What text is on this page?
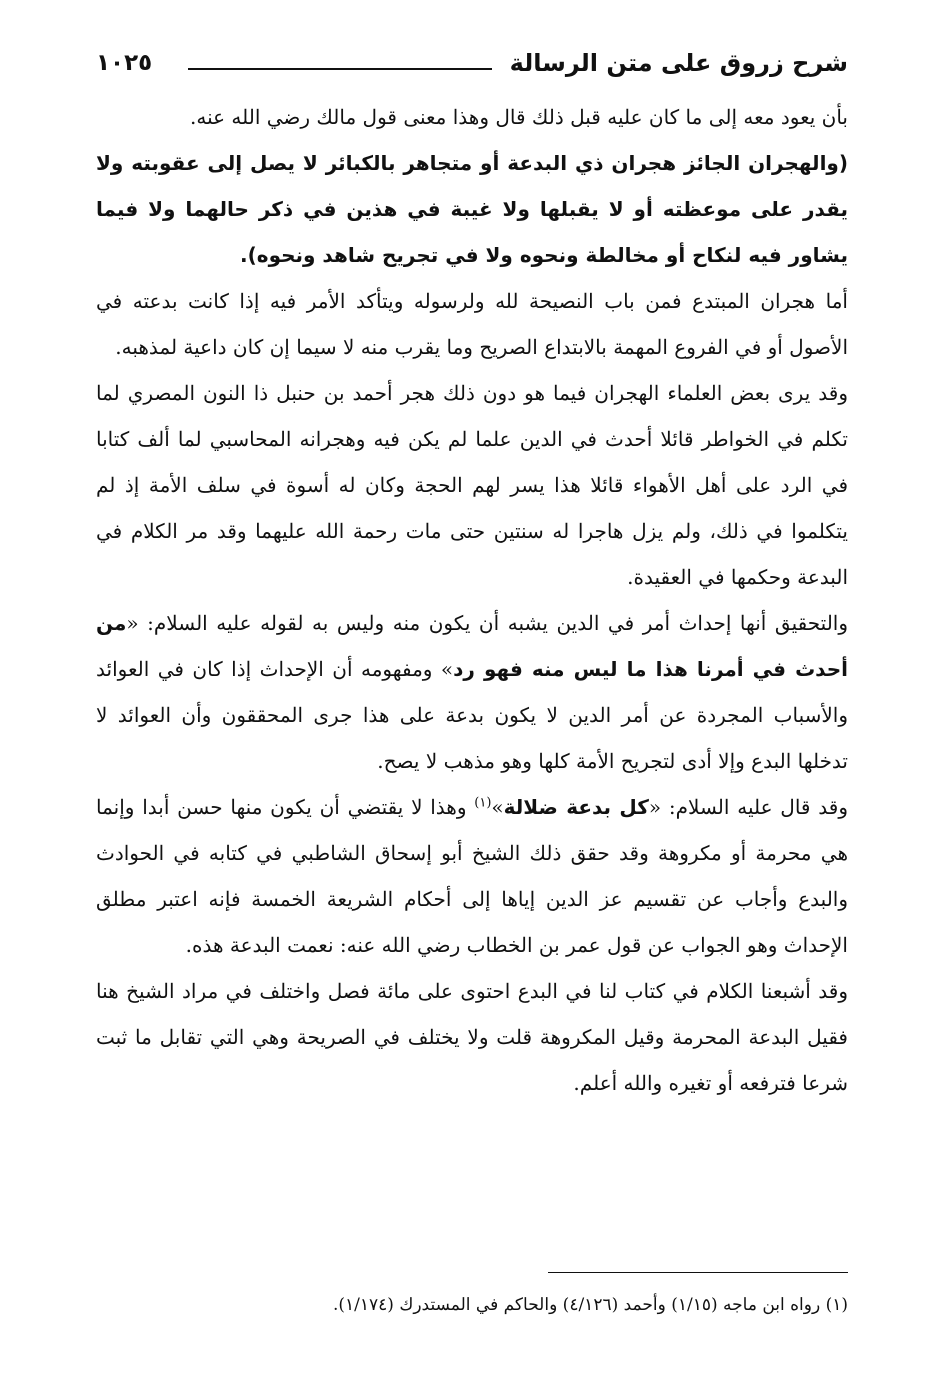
شرح زروق على متن الرسالة
١٠٢٥

بأن يعود معه إلى ما كان عليه قبل ذلك قال وهذا معنى قول مالك رضي الله عنه.

(والهجران الجائز هجران ذي البدعة أو متجاهر بالكبائر لا يصل إلى عقوبته ولا يقدر على موعظته أو لا يقبلها ولا غيبة في هذين في ذكر حالهما ولا فيما يشاور فيه لنكاح أو مخالطة ونحوه ولا في تجريح شاهد ونحوه).

أما هجران المبتدع فمن باب النصيحة لله ولرسوله ويتأكد الأمر فيه إذا كانت بدعته في الأصول أو في الفروع المهمة بالابتداع الصريح وما يقرب منه لا سيما إن كان داعية لمذهبه.

وقد يرى بعض العلماء الهجران فيما هو دون ذلك هجر أحمد بن حنبل ذا النون المصري لما تكلم في الخواطر قائلا أحدث في الدين علما لم يكن فيه وهجرانه المحاسبي لما ألف كتابا في الرد على أهل الأهواء قائلا هذا يسر لهم الحجة وكان له أسوة في سلف الأمة إذ لم يتكلموا في ذلك، ولم يزل هاجرا له سنتين حتى مات رحمة الله عليهما وقد مر الكلام في البدعة وحكمها في العقيدة.

والتحقيق أنها إحداث أمر في الدين يشبه أن يكون منه وليس به لقوله عليه السلام: «من أحدث في أمرنا هذا ما ليس منه فهو رد» ومفهومه أن الإحداث إذا كان في العوائد والأسباب المجردة عن أمر الدين لا يكون بدعة على هذا جرى المحققون وأن العوائد لا تدخلها البدع وإلا أدى لتجريح الأمة كلها وهو مذهب لا يصح.

وقد قال عليه السلام: «كل بدعة ضلالة»$^{(١)}$ وهذا لا يقتضي أن يكون منها حسن أبدا وإنما هي محرمة أو مكروهة وقد حقق ذلك الشيخ أبو إسحاق الشاطبي في كتابه في الحوادث والبدع وأجاب عن تقسيم عز الدين إياها إلى أحكام الشريعة الخمسة فإنه اعتبر مطلق الإحداث وهو الجواب عن قول عمر بن الخطاب رضي الله عنه: نعمت البدعة هذه.

وقد أشبعنا الكلام في كتاب لنا في البدع احتوى على مائة فصل واختلف في مراد الشيخ هنا فقيل البدعة المحرمة وقيل المكروهة قلت ولا يختلف في الصريحة وهي التي تقابل ما ثبت شرعا فترفعه أو تغيره والله أعلم.

(١) رواه ابن ماجه (١/١٥) وأحمد (٤/١٢٦) والحاكم في المستدرك (١/١٧٤).
